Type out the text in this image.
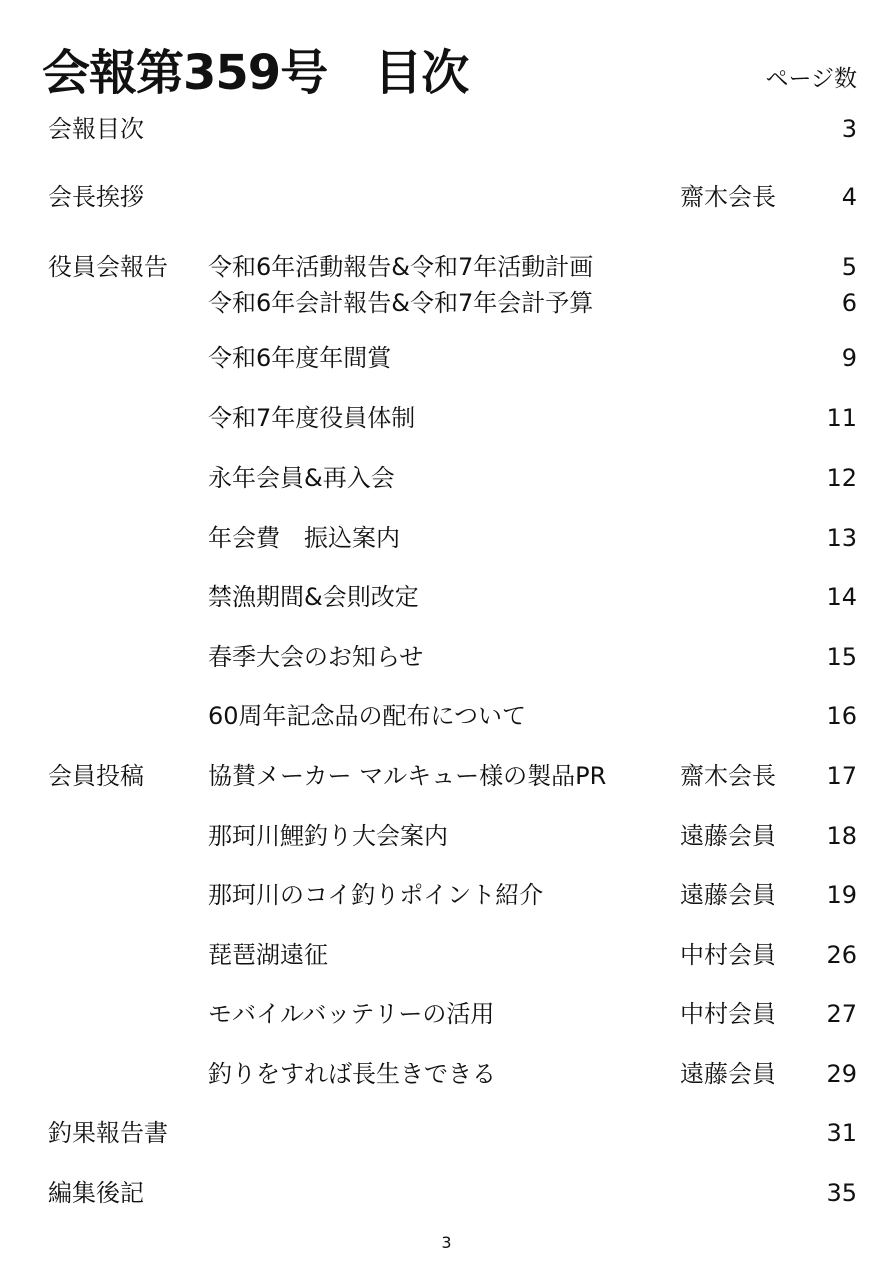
会報第359号　目次	ページ数
会報目次	3
会長挨拶	齋木会長	4
役員会報告 令和6年活動報告&令和7年活動計画	5
令和6年会計報告&令和7年会計予算	6
令和6年度年間賞	9
令和7年度役員体制	11
永年会員&再入会	12
年会費　振込案内	13
禁漁期間&会則改定	14
春季大会のお知らせ	15
60周年記念品の配布について	16
会員投稿	協賛メーカー マルキュー様の製品PR	齋木会長 17
那珂川鯉釣り大会案内	遠藤会員 18
那珂川のコイ釣りポイント紹介	遠藤会員 19
琵琶湖遠征	中村会員 26
モバイルバッテリーの活用	中村会員 27
釣りをすれば長生きできる	遠藤会員 29
釣果報告書	31
編集後記	35
3
